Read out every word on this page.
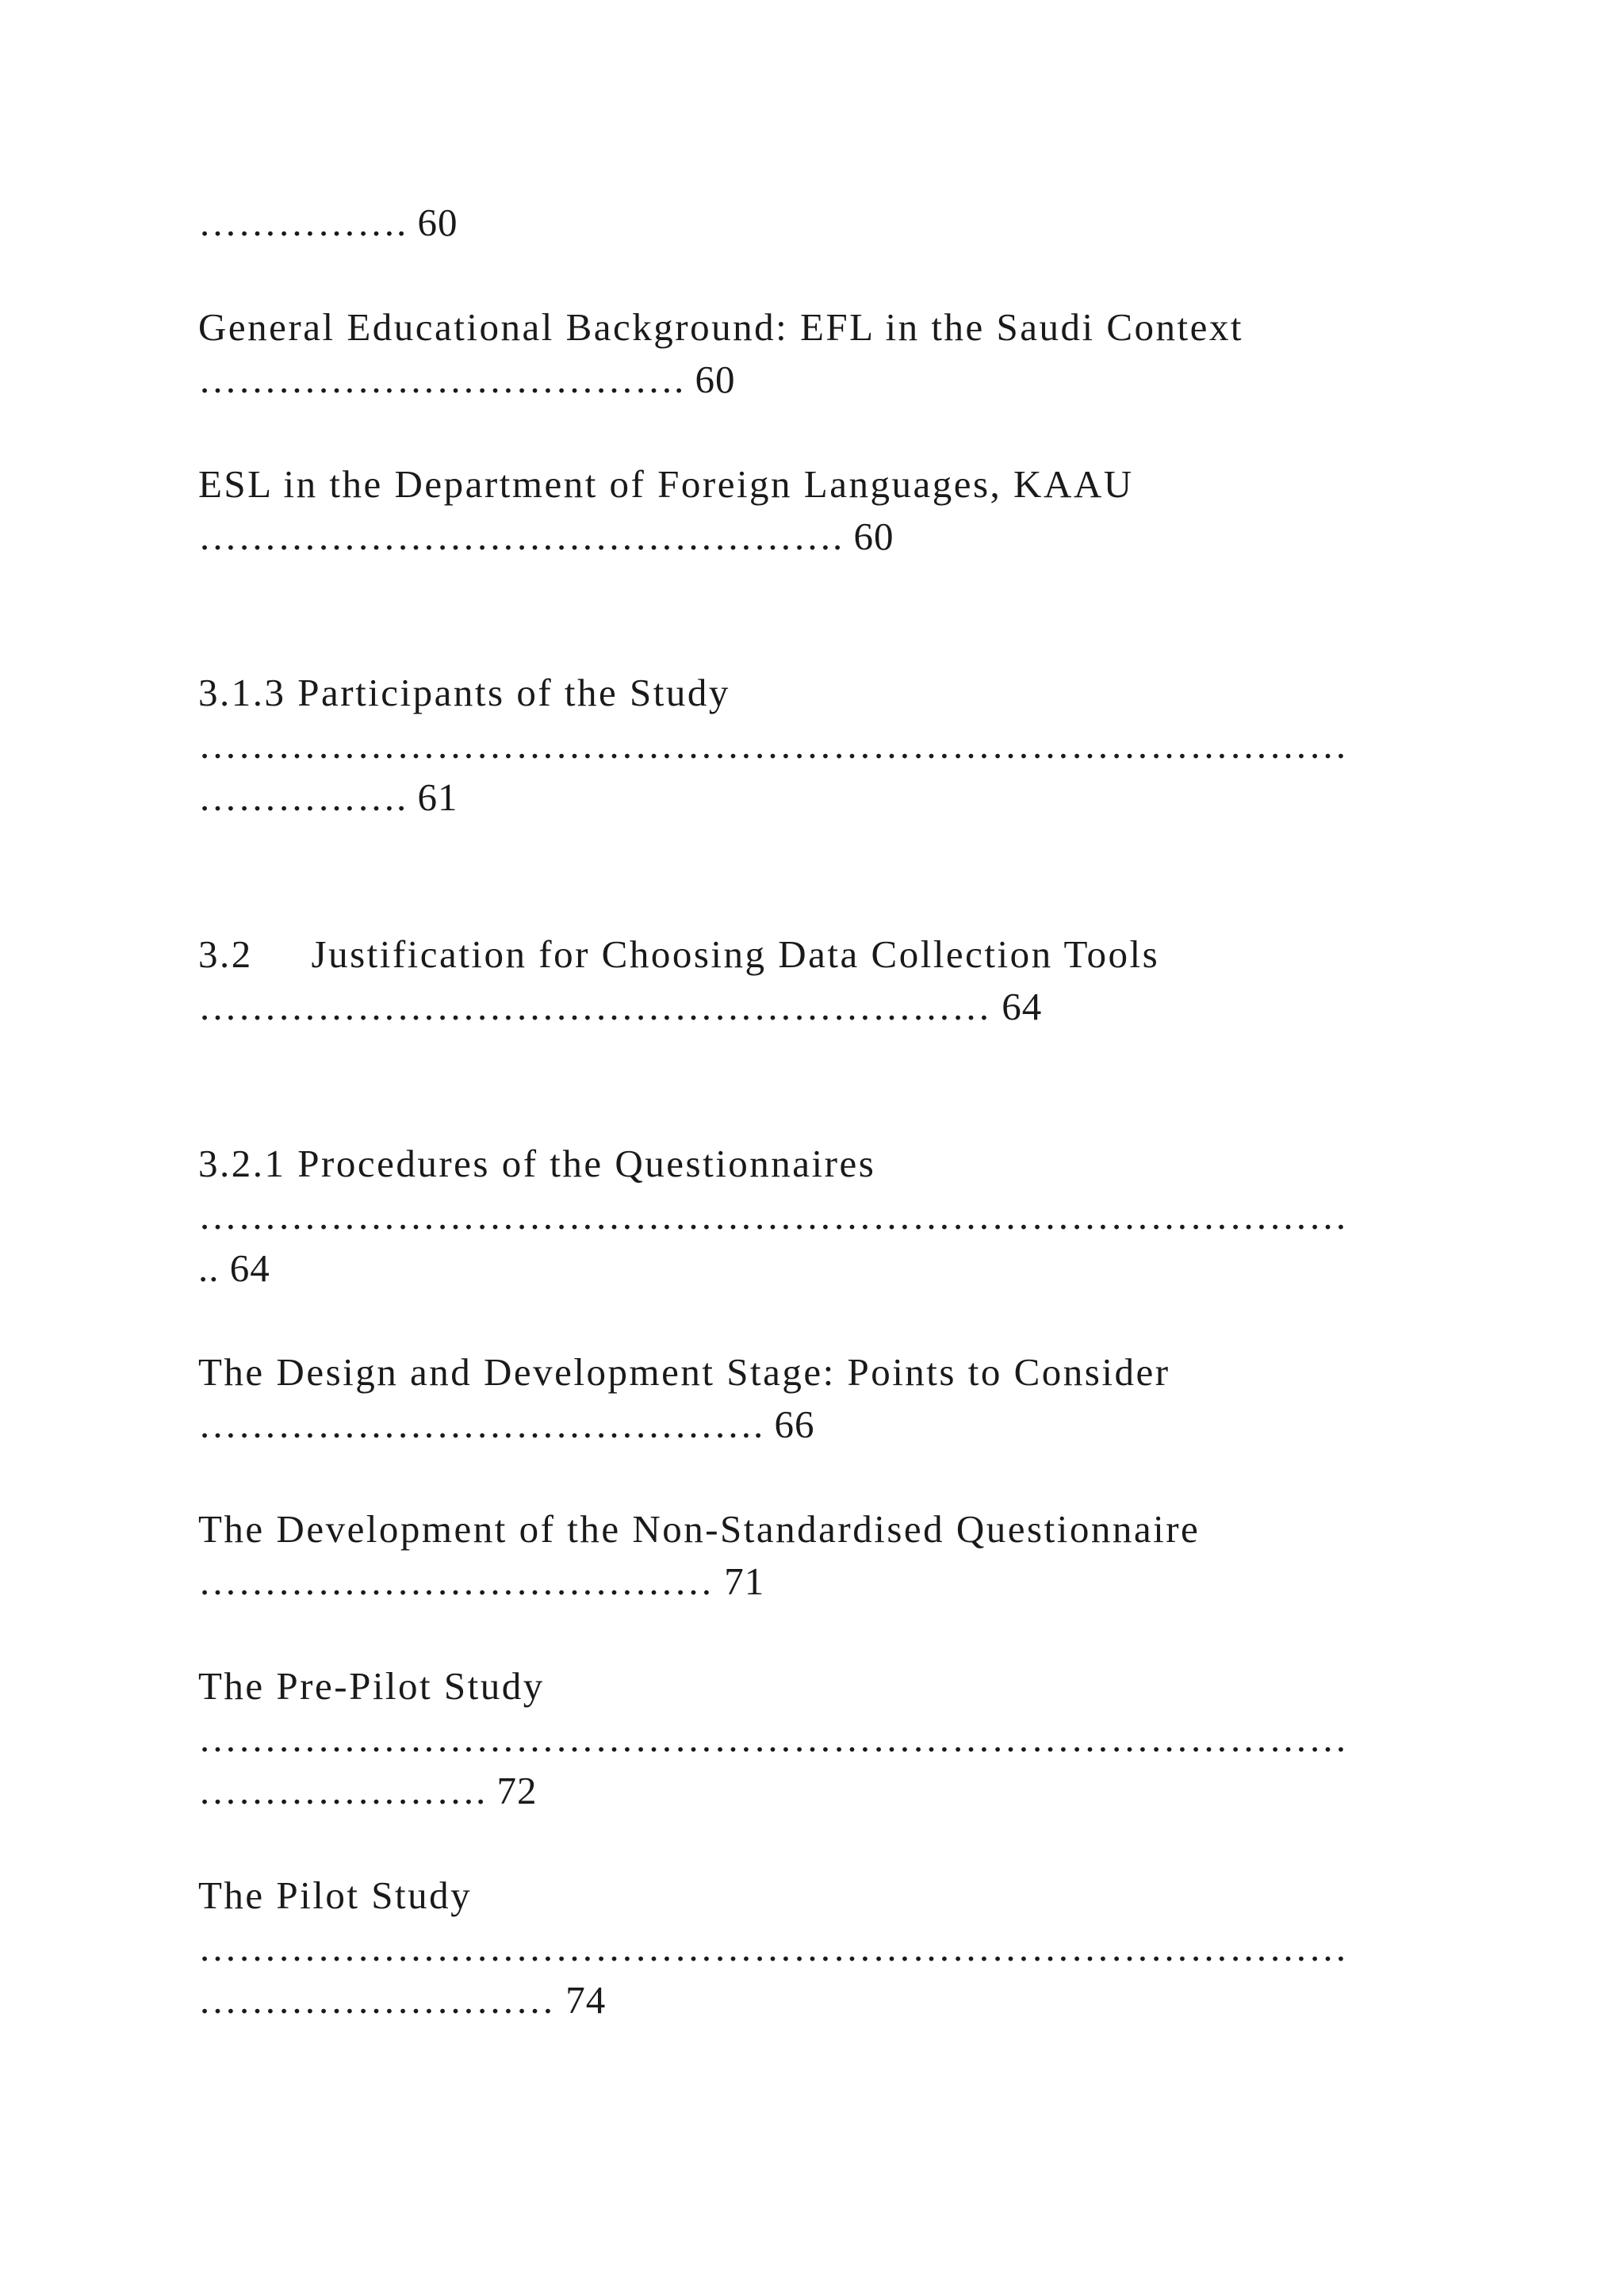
……………. 60
General Educational Background: EFL in the Saudi Context
………………………………. 60
ESL in the Department of Foreign Languages, KAAU
…………………………………………. 60
3.1.3 Participants of the Study
……………………………………………………………………………
……………. 61
3.2     Justification for Choosing Data Collection Tools
…………………………………………………… 64
3.2.1 Procedures of the Questionnaires
……………………………………………………………………………
.. 64
The Design and Development Stage: Points to Consider
……………………………………. 66
The Development of the Non-Standardised Questionnaire
………………………………… 71
The Pre-Pilot Study
……………………………………………………………………………
…………………. 72
The Pilot Study
……………………………………………………………………………
……………………… 74
